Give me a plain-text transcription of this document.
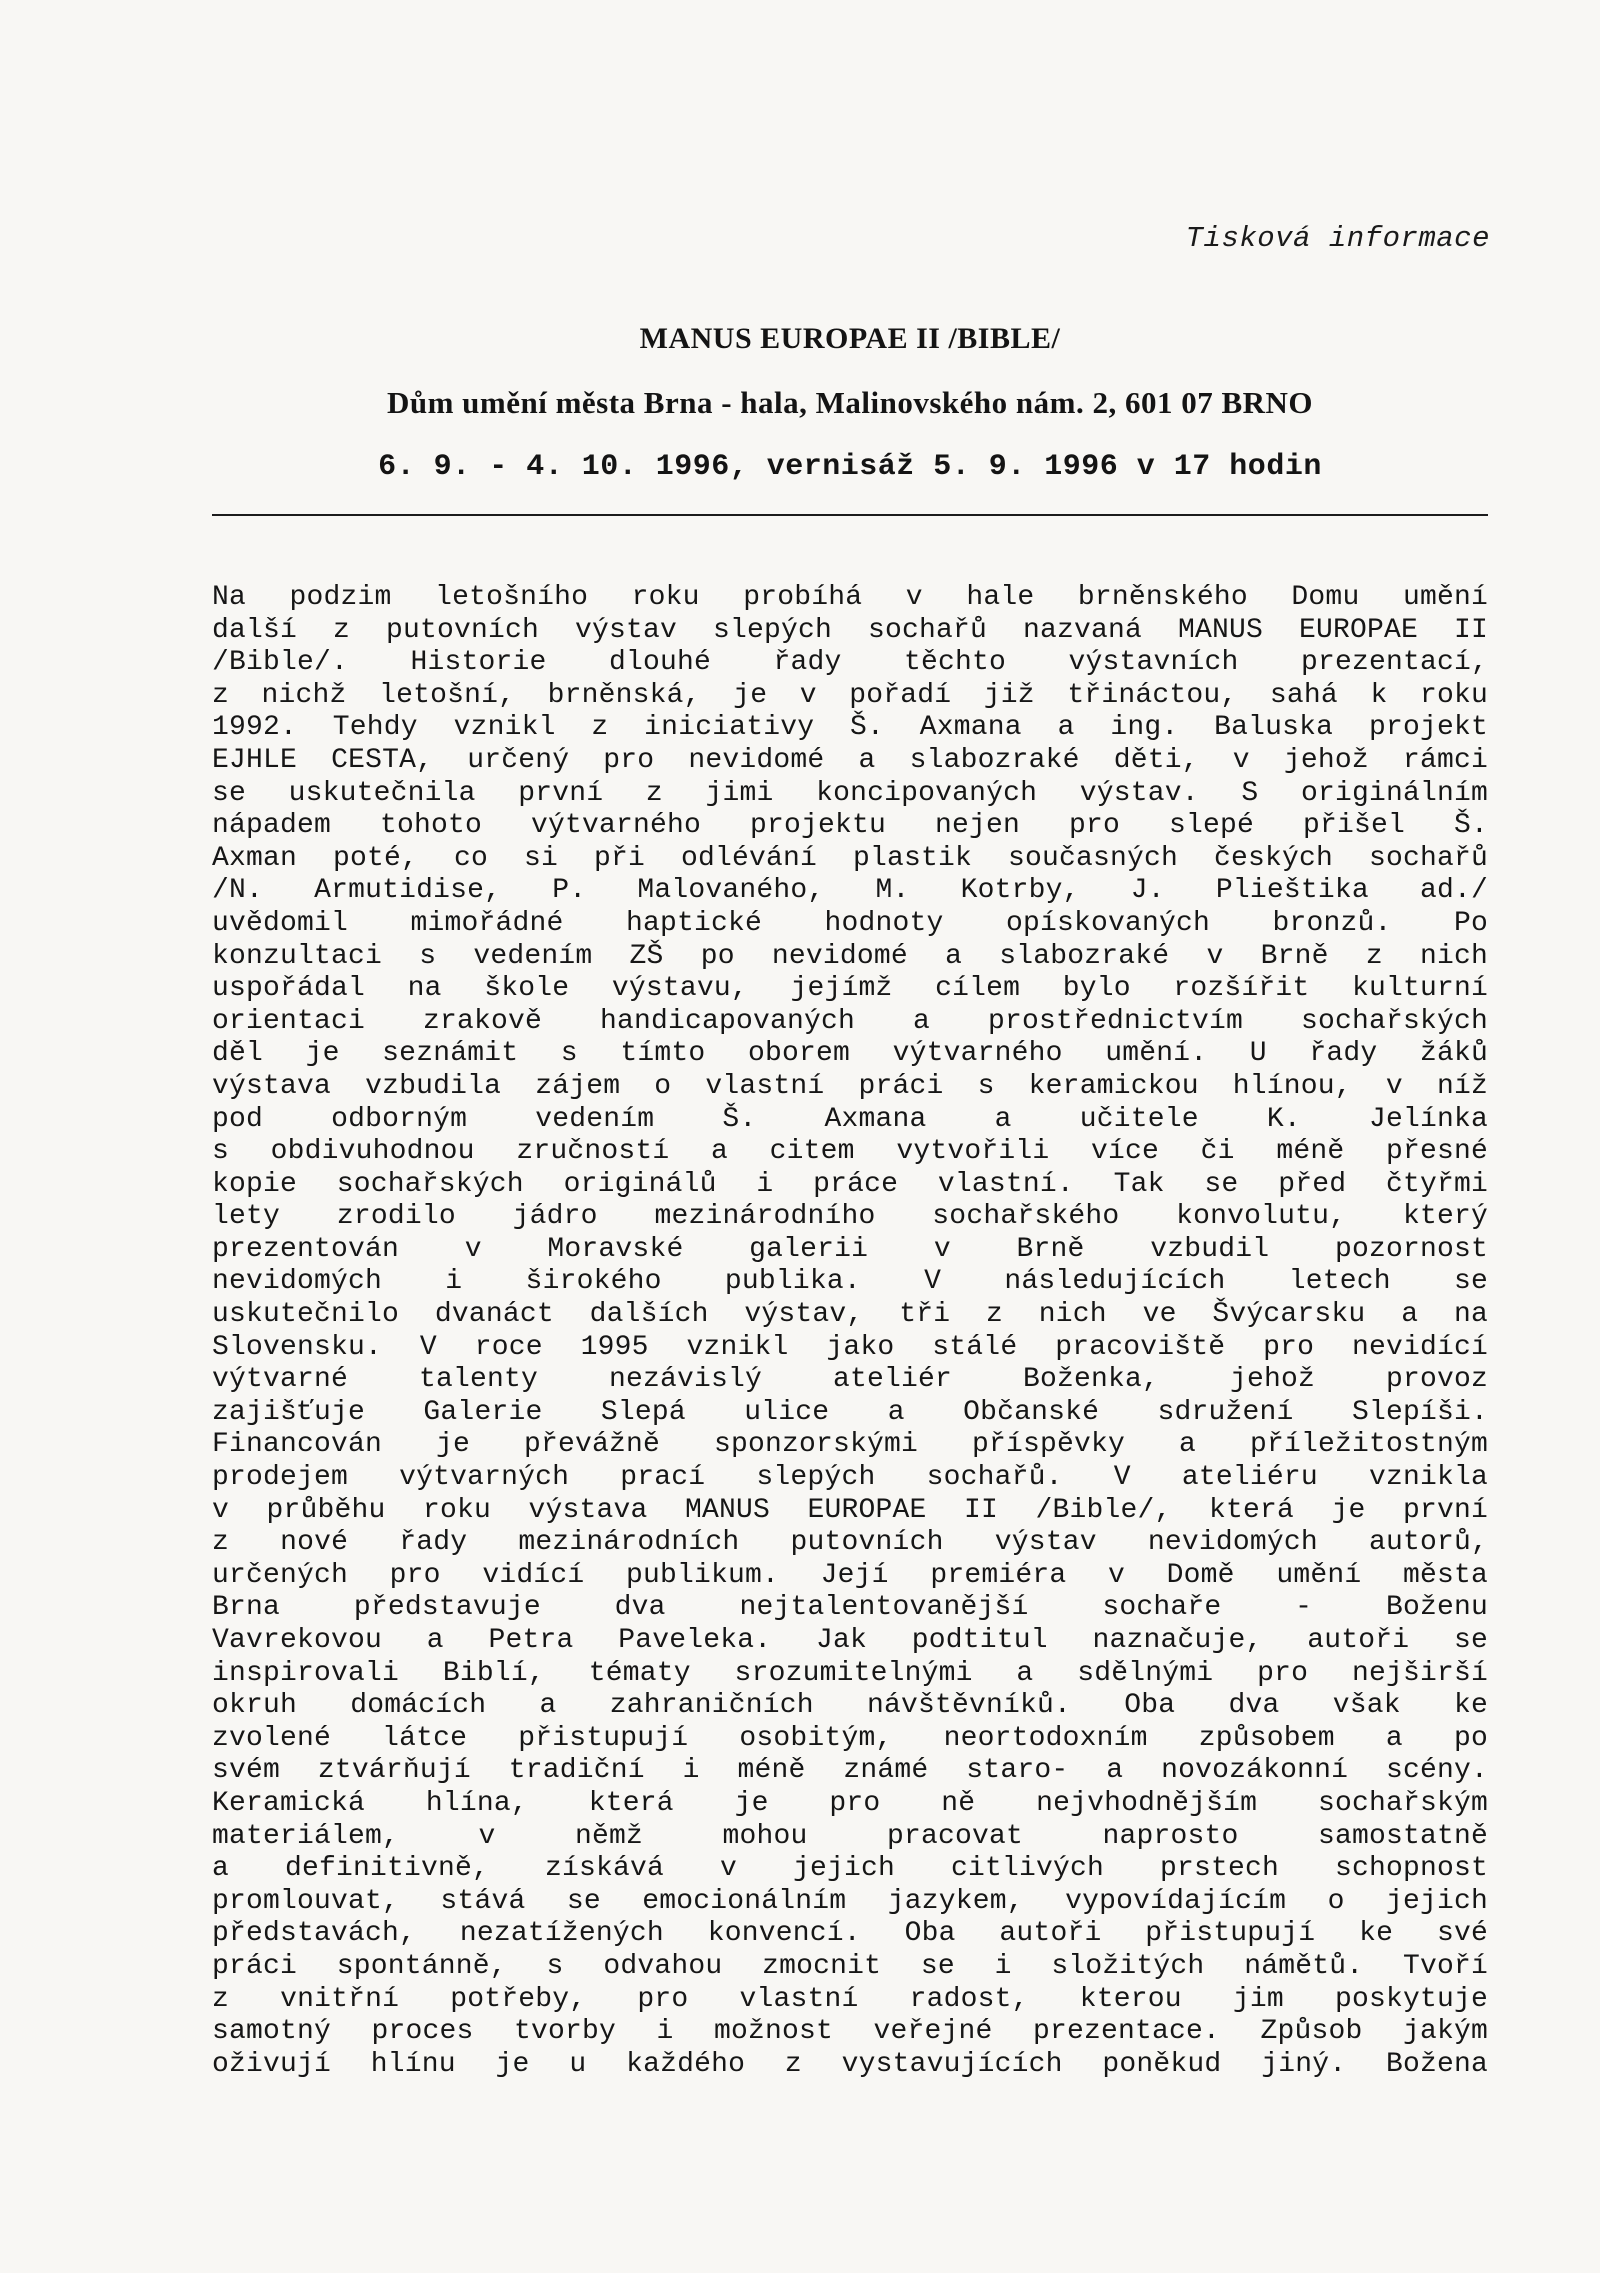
Tisková informace
MANUS EUROPAE II /BIBLE/
Dům umění města Brna - hala, Malinovského nám. 2, 601 07 BRNO
6. 9. - 4. 10. 1996, vernisáž 5. 9. 1996 v 17 hodin
Na podzim letošního roku probíhá v hale brněnského Domu umění
další z putovních výstav slepých sochařů nazvaná MANUS EUROPAE II
/Bible/. Historie dlouhé řady těchto výstavních prezentací,
z nichž letošní, brněnská, je v pořadí již třináctou, sahá k roku
1992. Tehdy vznikl z iniciativy Š. Axmana a ing. Baluska projekt
EJHLE CESTA, určený pro nevidomé a slabozraké děti, v jehož rámci
se uskutečnila první z jimi koncipovaných výstav. S originálním
nápadem tohoto výtvarného projektu nejen pro slepé přišel Š.
Axman poté, co si při odlévání plastik současných českých sochařů
/N. Armutidise, P. Malovaného, M. Kotrby, J. Plieštika ad./
uvědomil mimořádné haptické hodnoty opískovaných bronzů. Po
konzultaci s vedením ZŠ po nevidomé a slabozraké v Brně z nich
uspořádal na škole výstavu, jejímž cílem bylo rozšířit kulturní
orientaci zrakově handicapovaných a prostřednictvím sochařských
děl je seznámit s tímto oborem výtvarného umění. U řady žáků
výstava vzbudila zájem o vlastní práci s keramickou hlínou, v níž
pod odborným vedením Š. Axmana a učitele K. Jelínka
s obdivuhodnou zručností a citem vytvořili více či méně přesné
kopie sochařských originálů i práce vlastní. Tak se před čtyřmi
lety zrodilo jádro mezinárodního sochařského konvolutu, který
prezentován v Moravské galerii v Brně vzbudil pozornost
nevidomých i širokého publika. V následujících letech se
uskutečnilo dvanáct dalších výstav, tři z nich ve Švýcarsku a na
Slovensku. V roce 1995 vznikl jako stálé pracoviště pro nevidící
výtvarné talenty nezávislý ateliér Boženka, jehož provoz
zajišťuje Galerie Slepá ulice a Občanské sdružení Slepíši.
Financován je převážně sponzorskými příspěvky a příležitostným
prodejem výtvarných prací slepých sochařů. V ateliéru vznikla
v průběhu roku výstava MANUS EUROPAE II /Bible/, která je první
z nové řady mezinárodních putovních výstav nevidomých autorů,
určených pro vidící publikum. Její premiéra v Domě umění města
Brna představuje dva nejtalentovanější sochaře - Boženu
Vavrekovou a Petra Paveleka. Jak podtitul naznačuje, autoři se
inspirovali Biblí, tématy srozumitelnými a sdělnými pro nejširší
okruh domácích a zahraničních návštěvníků. Oba dva však ke
zvolené látce přistupují osobitým, neortodoxním způsobem a po
svém ztvárňují tradiční i méně známé staro- a novozákonní scény.
Keramická hlína, která je pro ně nejvhodnějším sochařským
materiálem, v němž mohou pracovat naprosto samostatně
a definitivně, získává v jejich citlivých prstech schopnost
promlouvat, stává se emocionálním jazykem, vypovídajícím o jejich
představách, nezatížených konvencí. Oba autoři přistupují ke své
práci spontánně, s odvahou zmocnit se i složitých námětů. Tvoří
z vnitřní potřeby, pro vlastní radost, kterou jim poskytuje
samotný proces tvorby i možnost veřejné prezentace. Způsob jakým
oživují hlínu je u každého z vystavujících poněkud jiný. Božena
